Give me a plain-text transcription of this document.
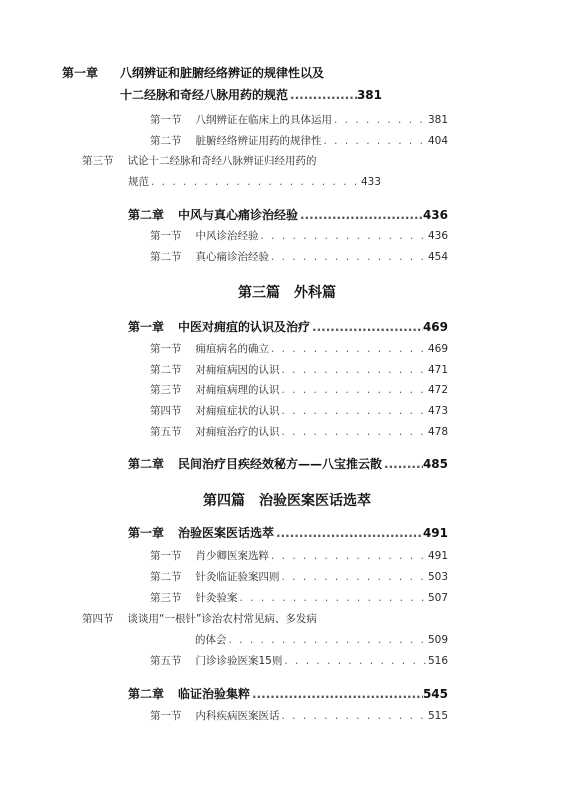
第一章 八纲辨证和脏腑经络辨证的规律性以及
十二经脉和奇经八脉用药的规范 .....	381
第一节 八纲辨证在临床上的具体运用 . . .	381
第二节 脏腑经络辨证用药的规律性 . . .	404
第三节 试论十二经脉和奇经八脉辨证归经用药的
规范 . . .	433
第二章 中风与真心痛诊治经验 .....	436
第一节 中风诊治经验 . . .	436
第二节 真心痛诊治经验 . . .	454
第三篇　外科篇
第一章 中医对痈疽的认识及治疗 .....	469
第一节 痈疽病名的确立 . . .	469
第二节 对痈疽病因的认识 . . .	471
第三节 对痈疽病理的认识 . . .	472
第四节 对痈疽症状的认识 . . .	473
第五节 对痈疽治疗的认识 . . .	478
第二章 民间治疗目疾经效秘方——八宝推云散 .....	485
第四篇　治验医案医话选萃
第一章 治验医案医话选萃 .....	491
第一节 肖少卿医案选粹 . . .	491
第二节 针灸临证验案四则 . . .	503
第三节 针灸验案 . . .	507
第四节 谈谈用“一根针”诊治农村常见病、多发病
的体会 . . .	509
第五节 门诊诊验医案15则 . . .	516
第二章 临证治验集粹 .....	545
第一节 内科疾病医案医话 . . .	515
